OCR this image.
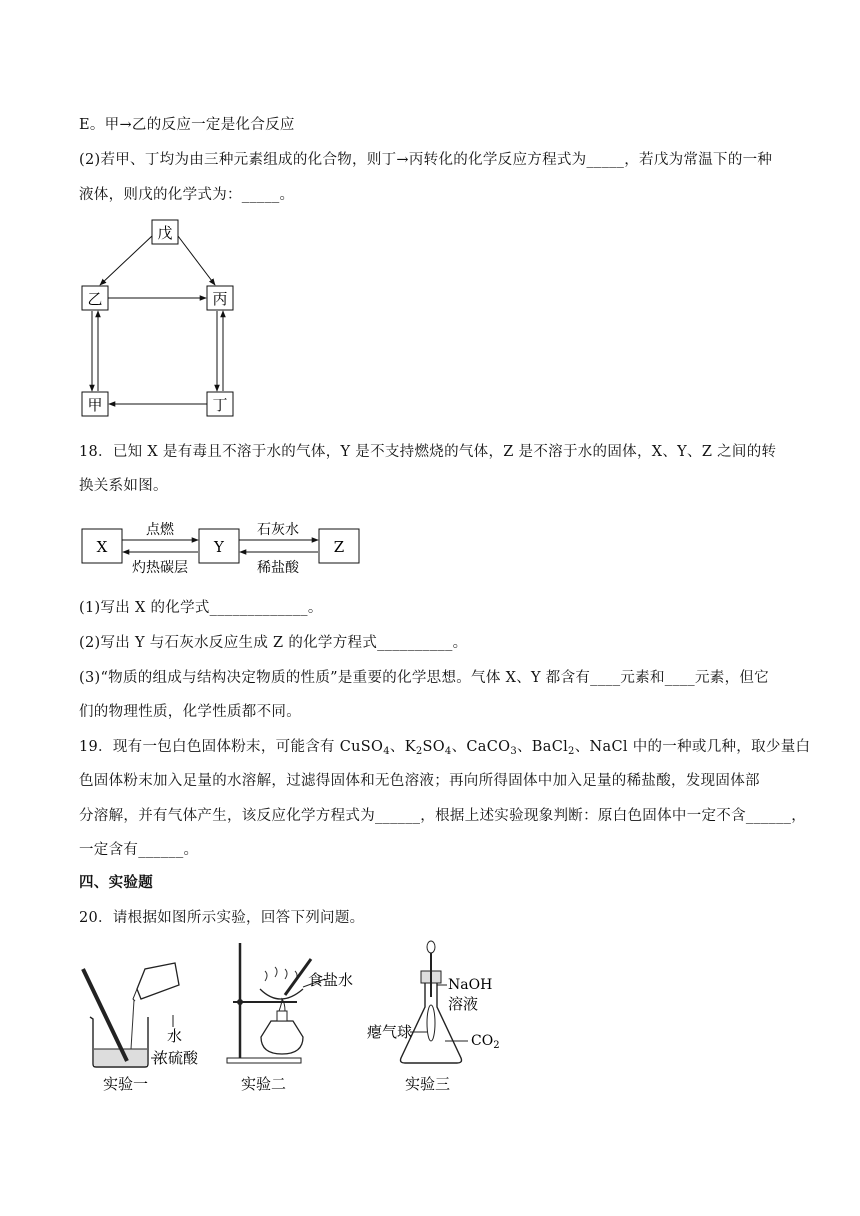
E。甲→乙的反应一定是化合反应
(2)若甲、丁均为由三种元素组成的化合物，则丁→丙转化的化学反应方程式为_____，若戊为常温下的一种
液体，则戊的化学式为：_____。
戊
乙	丙
甲	丁
18．已知 X 是有毒且不溶于水的气体，Y 是不支持燃烧的气体，Z 是不溶于水的固体，X、Y、Z 之间的转
换关系如图。
X	Y	Z
点燃
灼热碳层
石灰水
稀盐酸
(1)写出 X 的化学式_____________。
(2)写出 Y 与石灰水反应生成 Z 的化学方程式__________。
(3)“物质的组成与结构决定物质的性质”是重要的化学思想。气体 X、Y 都含有____元素和____元素，但它
们的物理性质，化学性质都不同。
19．现有一包白色固体粉末，可能含有 CuSO$_4$、$K_2SO_4$、CaCO$_3$、BaCl$_2$、NaCl 中的一种或几种，取少量白
色固体粉末加入足量的水溶解，过滤得固体和无色溶液；再向所得固体中加入足量的稀盐酸，发现固体部
分溶解，并有气体产生，该反应化学方程式为______，根据上述实验现象判断：原白色固体中一定不含______，
一定含有______。
四、实验题
20．请根据如图所示实验，回答下列问题。
水
浓硫酸
实验一
食盐水
实验二
NaOH
溶液
瘪气球	$CO_2$
实验三
